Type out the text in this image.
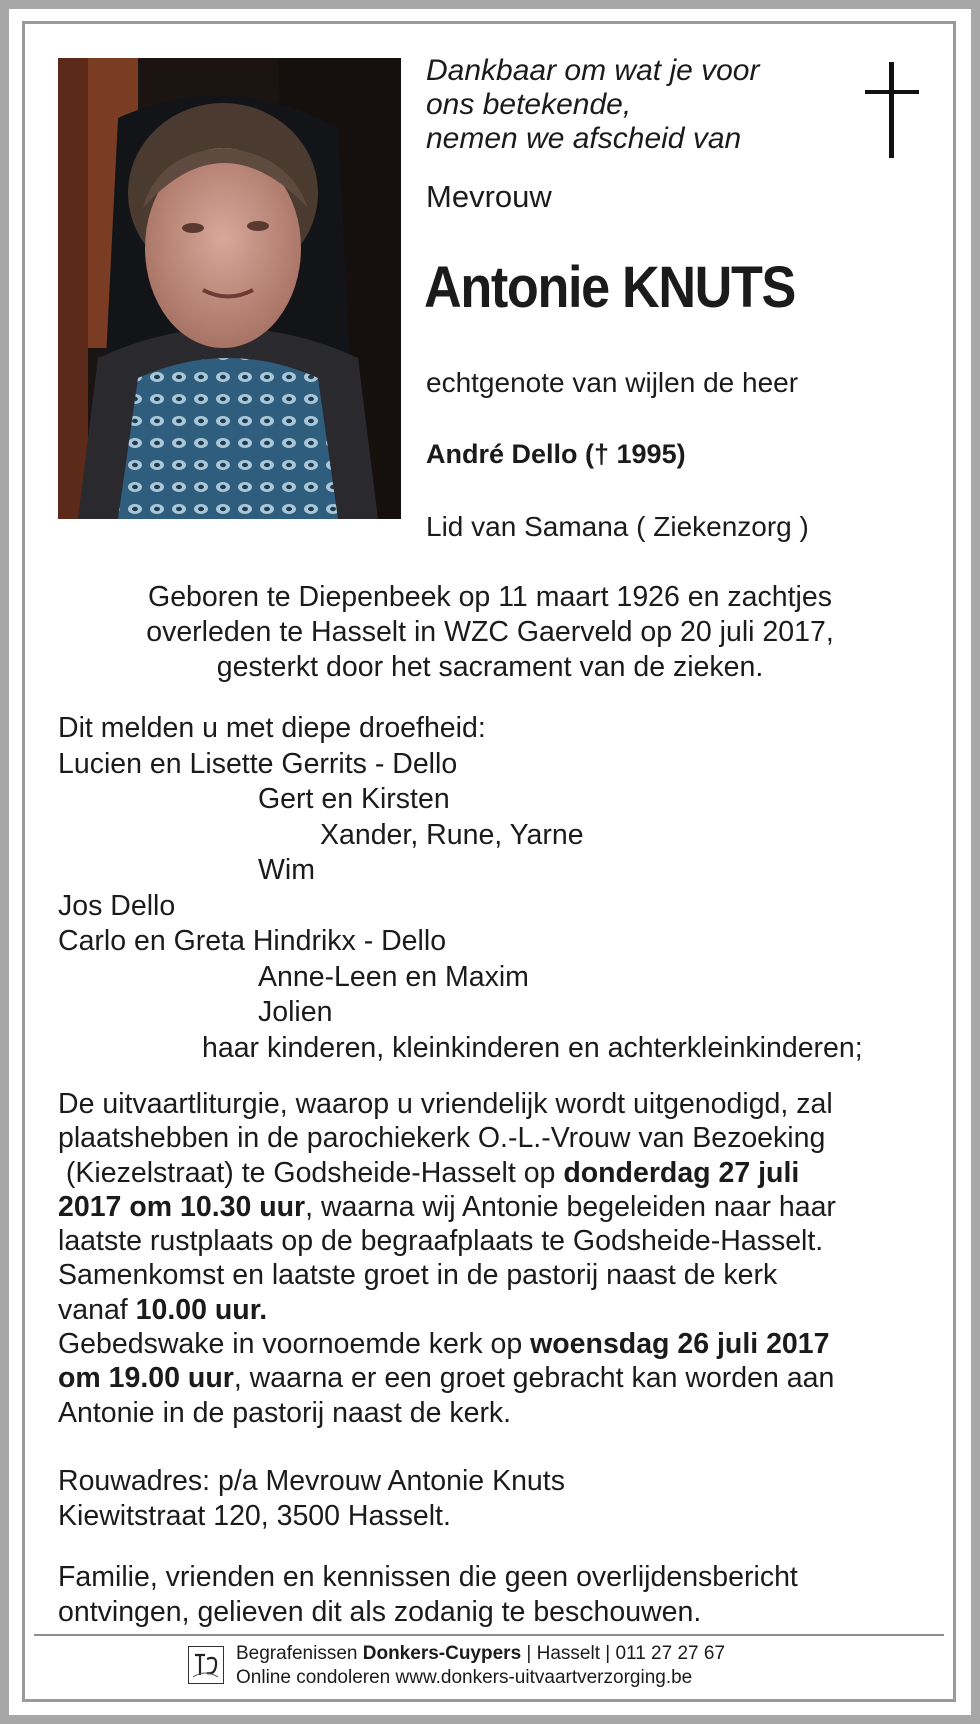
Dankbaar om wat je voor
ons betekende,
nemen we afscheid van
Mevrouw
Antonie KNUTS
echtgenote van wijlen de heer
André Dello († 1995)
Lid van Samana ( Ziekenzorg )
Geboren te Diepenbeek op 11 maart 1926 en zachtjes
overleden te Hasselt in WZC Gaerveld op 20 juli 2017,
gesterkt door het sacrament van de zieken.
Dit melden u met diepe droefheid:
Lucien en Lisette Gerrits - Dello
Gert en Kirsten
Xander, Rune, Yarne
Wim
Jos Dello
Carlo en Greta Hindrikx - Dello
Anne-Leen en Maxim
Jolien
haar kinderen, kleinkinderen en achterkleinkinderen;
De uitvaartliturgie, waarop u vriendelijk wordt uitgenodigd, zal
plaatshebben in de parochiekerk O.-L.-Vrouw van Bezoeking
(Kiezelstraat) te Godsheide-Hasselt op donderdag 27 juli
2017 om 10.30 uur, waarna wij Antonie begeleiden naar haar
laatste rustplaats op de begraafplaats te Godsheide-Hasselt.
Samenkomst en laatste groet in de pastorij naast de kerk
vanaf 10.00 uur.
Gebedswake in voornoemde kerk op woensdag 26 juli 2017
om 19.00 uur, waarna er een groet gebracht kan worden aan
Antonie in de pastorij naast de kerk.
Rouwadres: p/a Mevrouw Antonie Knuts
Kiewitstraat 120, 3500 Hasselt.
Familie, vrienden en kennissen die geen overlijdensbericht
ontvingen, gelieven dit als zodanig te beschouwen.
Begrafenissen Donkers-Cuypers | Hasselt | 011 27 27 67
Online condoleren www.donkers-uitvaartverzorging.be
